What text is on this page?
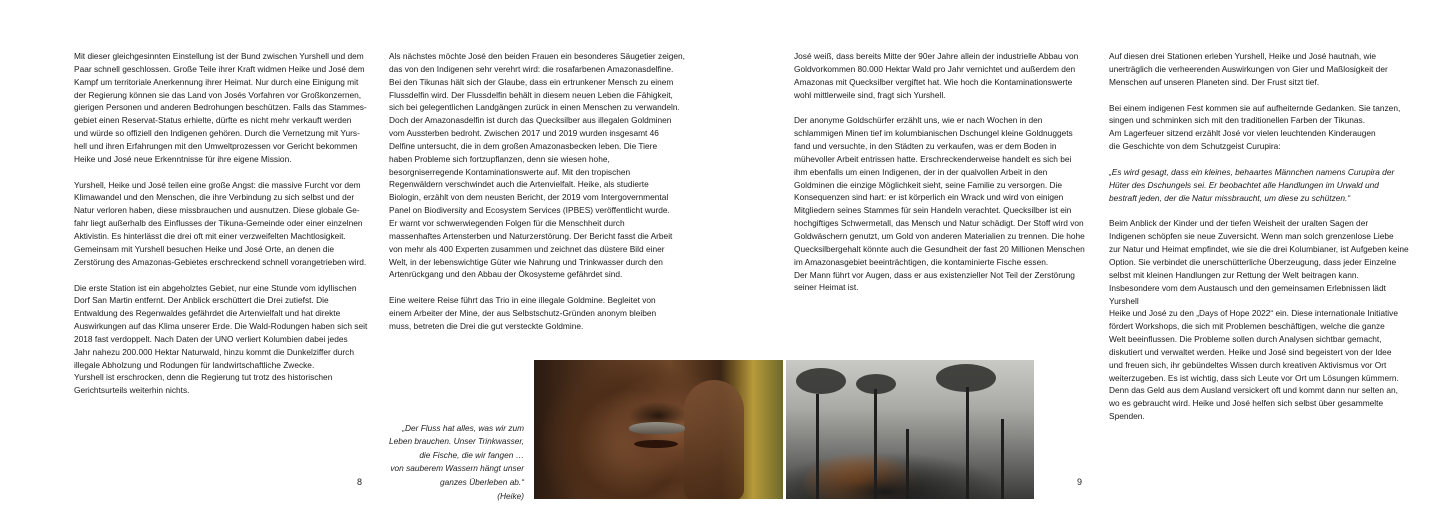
Mit dieser gleichgesinnten Einstellung ist der Bund zwischen Yurshell und dem
Paar schnell geschlossen. Große Teile ihrer Kraft widmen Heike und José dem
Kampf um territoriale Anerkennung ihrer Heimat. Nur durch eine Einigung mit
der Regierung können sie das Land von Josés Vorfahren vor Großkonzernen,
gierigen Personen und anderen Bedrohungen beschützen. Falls das Stammes-
gebiet einen Reservat-Status erhielte, dürfte es nicht mehr verkauft werden
und würde so offiziell den Indigenen gehören. Durch die Vernetzung mit Yurs-
hell und ihren Erfahrungen mit den Umweltprozessen vor Gericht bekommen
Heike und José neue Erkenntnisse für ihre eigene Mission.

Yurshell, Heike und José teilen eine große Angst: die massive Furcht vor dem
Klimawandel und den Menschen, die ihre Verbindung zu sich selbst und der
Natur verloren haben, diese missbrauchen und ausnutzen. Diese globale Ge-
fahr liegt außerhalb des Einflusses der Tikuna-Gemeinde oder einer einzelnen
Aktivistin. Es hinterlässt die drei oft mit einer verzweifelten Machtlosigkeit.
Gemeinsam mit Yurshell besuchen Heike und José Orte, an denen die
Zerstörung des Amazonas-Gebietes erschreckend schnell vorangetrieben wird.

Die erste Station ist ein abgeholztes Gebiet, nur eine Stunde vom idyllischen
Dorf San Martin entfernt. Der Anblick erschüttert die Drei zutiefst. Die
Entwaldung des Regenwaldes gefährdet die Artenvielfalt und hat direkte
Auswirkungen auf das Klima unserer Erde. Die Wald-Rodungen haben sich seit
2018 fast verdoppelt. Nach Daten der UNO verliert Kolumbien dabei jedes
Jahr nahezu 200.000 Hektar Naturwald, hinzu kommt die Dunkelziffer durch
illegale Abholzung und Rodungen für landwirtschaftliche Zwecke.
Yurshell ist erschrocken, denn die Regierung tut trotz des historischen
Gerichtsurteils weiterhin nichts.

Als nächstes möchte José den beiden Frauen ein besonderes Säugetier zeigen,
das von den Indigenen sehr verehrt wird: die rosafarbenen Amazonasdelfine.
Bei den Tikunas hält sich der Glaube, dass ein ertrunkener Mensch zu einem
Flussdelfin wird. Der Flussdelfin behält in diesem neuen Leben die Fähigkeit,
sich bei gelegentlichen Landgängen zurück in einen Menschen zu verwandeln.
Doch der Amazonasdelfin ist durch das Quecksilber aus illegalen Goldminen
vom Aussterben bedroht. Zwischen 2017 und 2019 wurden insgesamt 46
Delfine untersucht, die in dem großen Amazonasbecken leben. Die Tiere
haben Probleme sich fortzupflanzen, denn sie wiesen hohe,
besorgniserregende Kontaminationswerte auf. Mit den tropischen
Regenwäldern verschwindet auch die Artenvielfalt. Heike, als studierte
Biologin, erzählt von dem neusten Bericht, der 2019 vom Intergovernmental
Panel on Biodiversity and Ecosystem Services (IPBES) veröffentlicht wurde.
Er warnt vor schwerwiegenden Folgen für die Menschheit durch
massenhaftes Artensterben und Naturzerstörung. Der Bericht fasst die Arbeit
von mehr als 400 Experten zusammen und zeichnet das düstere Bild einer
Welt, in der lebenswichtige Güter wie Nahrung und Trinkwasser durch den
Artenrückgang und den Abbau der Ökosysteme gefährdet sind.

Eine weitere Reise führt das Trio in eine illegale Goldmine. Begleitet von
einem Arbeiter der Mine, der aus Selbstschutz-Gründen anonym bleiben
muss, betreten die Drei die gut versteckte Goldmine.

José weiß, dass bereits Mitte der 90er Jahre allein der industrielle Abbau von
Goldvorkommen 80.000 Hektar Wald pro Jahr vernichtet und außerdem den
Amazonas mit Quecksilber vergiftet hat. Wie hoch die Kontaminationswerte
wohl mittlerweile sind, fragt sich Yurshell.

Der anonyme Goldschürfer erzählt uns, wie er nach Wochen in den
schlammigen Minen tief im kolumbianischen Dschungel kleine Goldnuggets
fand und versuchte, in den Städten zu verkaufen, was er dem Boden in
mühevoller Arbeit entrissen hatte. Erschreckenderweise handelt es sich bei
ihm ebenfalls um einen Indigenen, der in der qualvollen Arbeit in den
Goldminen die einzige Möglichkeit sieht, seine Familie zu versorgen. Die
Konsequenzen sind hart: er ist körperlich ein Wrack und wird von einigen
Mitgliedern seines Stammes für sein Handeln verachtet. Quecksilber ist ein
hochgiftiges Schwermetall, das Mensch und Natur schädigt. Der Stoff wird von
Goldwäschern genutzt, um Gold von anderen Materialien zu trennen. Die hohe
Quecksilbergehalt könnte auch die Gesundheit der fast 20 Millionen Menschen
im Amazonasgebiet beeinträchtigen, die kontaminierte Fische essen.
Der Mann führt vor Augen, dass er aus existenzieller Not Teil der Zerstörung
seiner Heimat ist.

Auf diesen drei Stationen erleben Yurshell, Heike und José hautnah, wie
unerträglich die verheerenden Auswirkungen von Gier und Maßlosigkeit der
Menschen auf unseren Planeten sind. Der Frust sitzt tief.

Bei einem indigenen Fest kommen sie auf aufheiternde Gedanken. Sie tanzen,
singen und schminken sich mit den traditionellen Farben der Tikunas.
Am Lagerfeuer sitzend erzählt José vor vielen leuchtenden Kinderaugen
die Geschichte von dem Schutzgeist Curupira:

„Es wird gesagt, dass ein kleines, behaartes Männchen namens Curupira der
Hüter des Dschungels sei. Er beobachtet alle Handlungen im Urwald und
bestraft jeden, der die Natur missbraucht, um diese zu schützen.“

Beim Anblick der Kinder und der tiefen Weisheit der uralten Sagen der
Indigenen schöpfen sie neue Zuversicht. Wenn man solch grenzenlose Liebe
zur Natur und Heimat empfindet, wie sie die drei Kolumbianer, ist Aufgeben keine
Option. Sie verbindet die unerschütterliche Überzeugung, dass jeder Einzelne
selbst mit kleinen Handlungen zur Rettung der Welt beitragen kann.
Insbesondere vom dem Austausch und den gemeinsamen Erlebnissen lädt Yurshell
Heike und José zu den „Days of Hope 2022“ ein. Diese internationale Initiative
fördert Workshops, die sich mit Problemen beschäftigen, welche die ganze
Welt beeinflussen. Die Probleme sollen durch Analysen sichtbar gemacht,
diskutiert und verwaltet werden. Heike und José sind begeistert von der Idee
und freuen sich, ihr gebündeltes Wissen durch kreativen Aktivismus vor Ort
weiterzugeben. Es ist wichtig, dass sich Leute vor Ort um Lösungen kümmern.
Denn das Geld aus dem Ausland versickert oft und kommt dann nur selten an,
wo es gebraucht wird. Heike und José helfen sich selbst über gesammelte
Spenden.

„Der Fluss hat alles, was wir zum
Leben brauchen. Unser Trinkwasser,
die Fische, die wir fangen …
von sauberem Wassern hängt unser
ganzes Überleben ab.“

(Heike)

8	9
